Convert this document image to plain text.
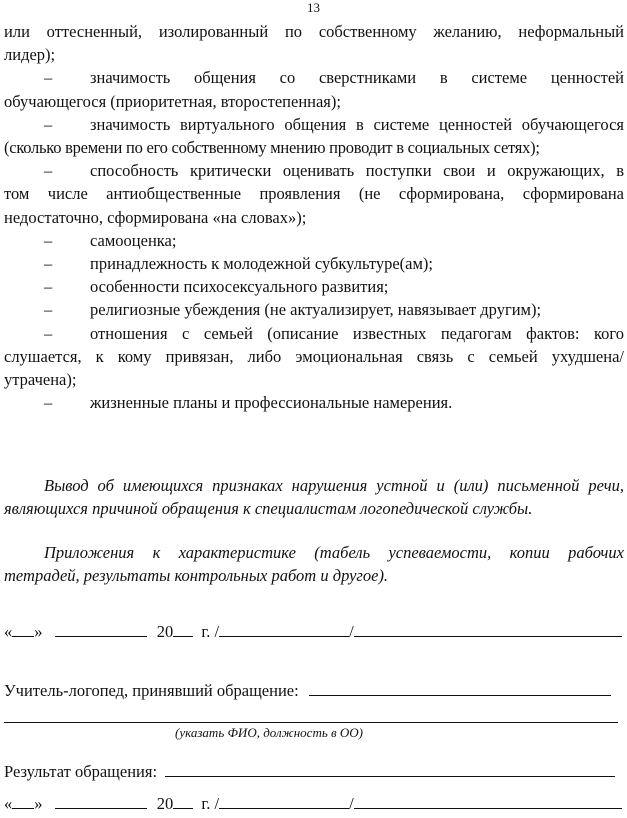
13
или оттесненный, изолированный по собственному желанию, неформальный
лидер);
– значимость общения со сверстниками в системе ценностей
обучающегося (приоритетная, второстепенная);
– значимость виртуального общения в системе ценностей обучающегося
(сколько времени по его собственному мнению проводит в социальных сетях);
– способность критически оценивать поступки свои и окружающих, в
том числе антиобщественные проявления (не сформирована, сформирована
недостаточно, сформирована «на словах»);
– самооценка;
– принадлежность к молодежной субкультуре(ам);
– особенности психосексуального развития;
– религиозные убеждения (не актуализирует, навязывает другим);
– отношения с семьей (описание известных педагогам фактов: кого
слушается, к кому привязан, либо эмоциональная связь с семьей ухудшена/
утрачена);
– жизненные планы и профессиональные намерения.
Вывод об имеющихся признаках нарушения устной и (или) письменной речи,
являющихся причиной обращения к специалистам логопедической службы.
Приложения к характеристике (табель успеваемости, копии рабочих
тетрадей, результаты контрольных работ и другое).
« »	20 г. /	/
Учитель-логопед, принявший обращение:
(указать ФИО, должность в ОО)
Результат обращения:
« »	20 г. /	/
